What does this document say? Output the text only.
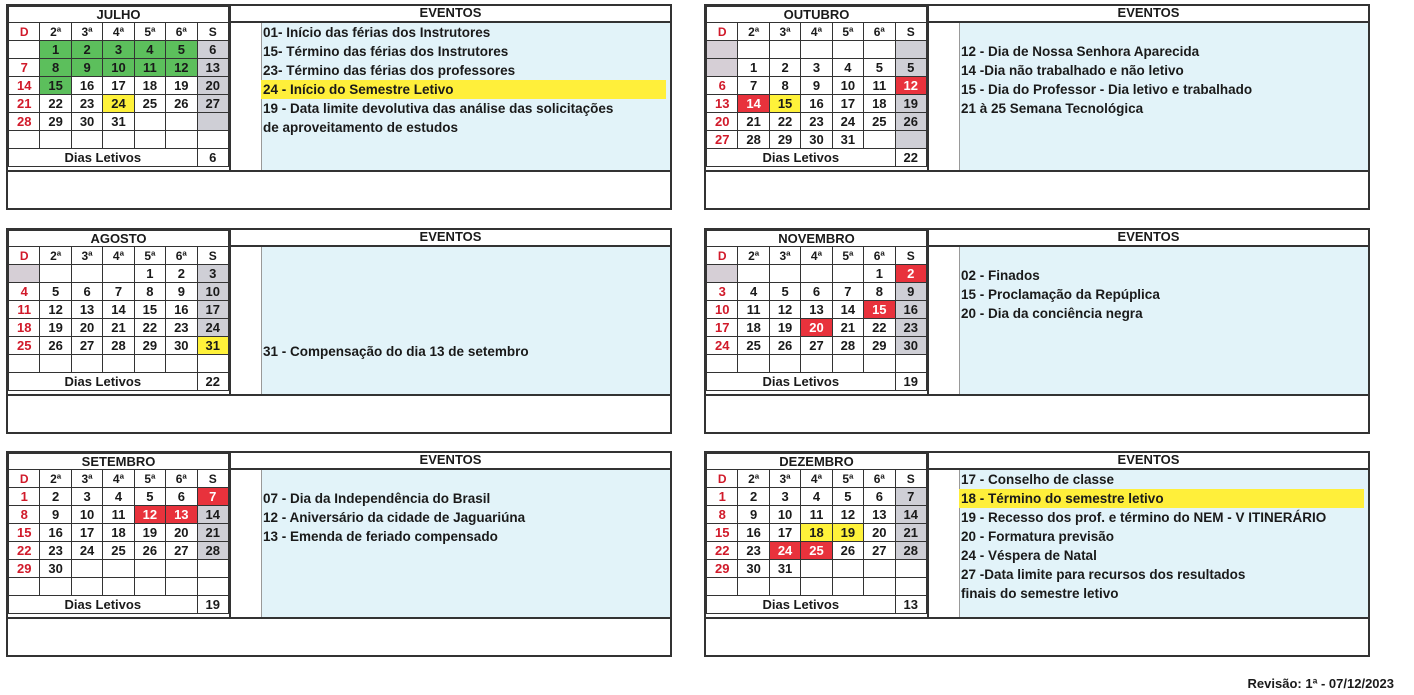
JULHO						
D	2ª	3ª	4ª	5ª	6ª	S
	1	2	3	4	5	6
7	8	9	10	11	12	13
14	15	16	17	18	19	20
21	22	23	24	25	26	27
28	29	30	31			

Dias Letivos						6
EVENTOS
01- Início das férias dos Instrutores
15- Término das férias dos Instrutores
23- Término das férias dos professores
24 - Início do Semestre Letivo
19 - Data limite devolutiva das análise das solicitações
de aproveitamento de estudos
OUTUBRO						
D	2ª	3ª	4ª	5ª	6ª	S

	1	2	3	4	5	5
6	7	8	9	10	11	12
13	14	15	16	17	18	19
20	21	22	23	24	25	26
27	28	29	30	31		
Dias Letivos						22
EVENTOS
12 - Dia de Nossa Senhora Aparecida
14 -Dia não trabalhado e não letivo
15 - Dia do Professor - Dia letivo e trabalhado
21 à 25 Semana Tecnológica
AGOSTO						
D	2ª	3ª	4ª	5ª	6ª	S
				1	2	3
4	5	6	7	8	9	10
11	12	13	14	15	16	17
18	19	20	21	22	23	24
25	26	27	28	29	30	31

Dias Letivos						22
EVENTOS
31 - Compensação do dia 13 de setembro
NOVEMBRO						
D	2ª	3ª	4ª	5ª	6ª	S
					1	2
3	4	5	6	7	8	9
10	11	12	13	14	15	16
17	18	19	20	21	22	23
24	25	26	27	28	29	30

Dias Letivos						19
EVENTOS
02 - Finados
15 - Proclamação da Repúplica
20 - Dia da conciência negra
SETEMBRO						
D	2ª	3ª	4ª	5ª	6ª	S
1	2	3	4	5	6	7
8	9	10	11	12	13	14
15	16	17	18	19	20	21
22	23	24	25	26	27	28
29	30					

Dias Letivos						19
EVENTOS
07 - Dia da Independência do Brasil
12 - Aniversário da cidade de Jaguariúna
13 - Emenda de feriado compensado
DEZEMBRO						
D	2ª	3ª	4ª	5ª	6ª	S
1	2	3	4	5	6	7
8	9	10	11	12	13	14
15	16	17	18	19	20	21
22	23	24	25	26	27	28
29	30	31				

Dias Letivos						13
EVENTOS
17 - Conselho de classe
18 - Término do semestre letivo
19 - Recesso dos prof. e término do NEM - V ITINERÁRIO
20 - Formatura previsão
24 - Véspera de Natal
27 -Data limite para recursos dos resultados
finais do semestre letivo
Revisão: 1ª - 07/12/2023
